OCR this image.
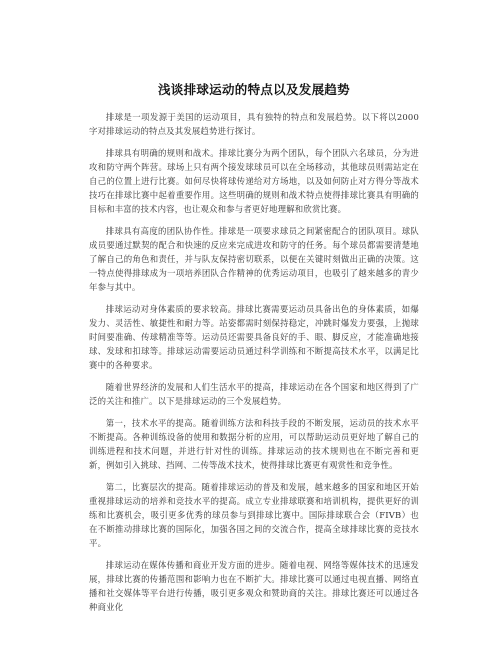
浅谈排球运动的特点以及发展趋势

排球是一项发源于美国的运动项目，具有独特的特点和发展趋势。以下将以2000字对排球运动的特点及其发展趋势进行探讨。

排球具有明确的规则和战术。排球比赛分为两个团队，每个团队六名球员，分为进攻和防守两个阵营。球场上只有两个接发球球员可以在全场移动，其他球员则需站定在自己的位置上进行比赛。如何尽快将球传递给对方场地，以及如何防止对方得分等战术技巧在排球比赛中起着重要作用。这些明确的规则和战术特点使得排球比赛具有明确的目标和丰富的技术内容，也让观众和参与者更好地理解和欣赏比赛。

排球具有高度的团队协作性。排球是一项要求球员之间紧密配合的团队项目。球队成员要通过默契的配合和快速的反应来完成进攻和防守的任务。每个球员都需要清楚地了解自己的角色和责任，并与队友保持密切联系，以便在关键时刻做出正确的决策。这一特点使得排球成为一项培养团队合作精神的优秀运动项目，也吸引了越来越多的青少年参与其中。

排球运动对身体素质的要求较高。排球比赛需要运动员具备出色的身体素质，如爆发力、灵活性、敏捷性和耐力等。站姿都需时刻保持稳定，冲跳时爆发力要强，上抛球时间要准确、传球精准等等。运动员还需要具备良好的手、眼、脚反应，才能准确地接球、发球和扣球等。排球运动需要运动员通过科学训练和不断提高技术水平，以满足比赛中的各种要求。

随着世界经济的发展和人们生活水平的提高，排球运动在各个国家和地区得到了广泛的关注和推广。以下是排球运动的三个发展趋势。

第一，技术水平的提高。随着训练方法和科技手段的不断发展，运动员的技术水平不断提高。各种训练设备的使用和数据分析的应用，可以帮助运动员更好地了解自己的训练进程和技术问题，并进行针对性的训练。排球运动的技术规则也在不断完善和更新，例如引入挑球、挡网、二传等战术技术，使得排球比赛更有观赏性和竞争性。

第二，比赛层次的提高。随着排球运动的普及和发展，越来越多的国家和地区开始重视排球运动的培养和竞技水平的提高。成立专业排球联赛和培训机构，提供更好的训练和比赛机会，吸引更多优秀的球员参与到排球比赛中。国际排球联合会（FIVB）也在不断推动排球比赛的国际化，加强各国之间的交流合作，提高全球排球比赛的竞技水平。

排球运动在媒体传播和商业开发方面的进步。随着电视、网络等媒体技术的迅速发展，排球比赛的传播范围和影响力也在不断扩大。排球比赛可以通过电视直播、网络直播和社交媒体等平台进行传播，吸引更多观众和赞助商的关注。排球比赛还可以通过各种商业化
